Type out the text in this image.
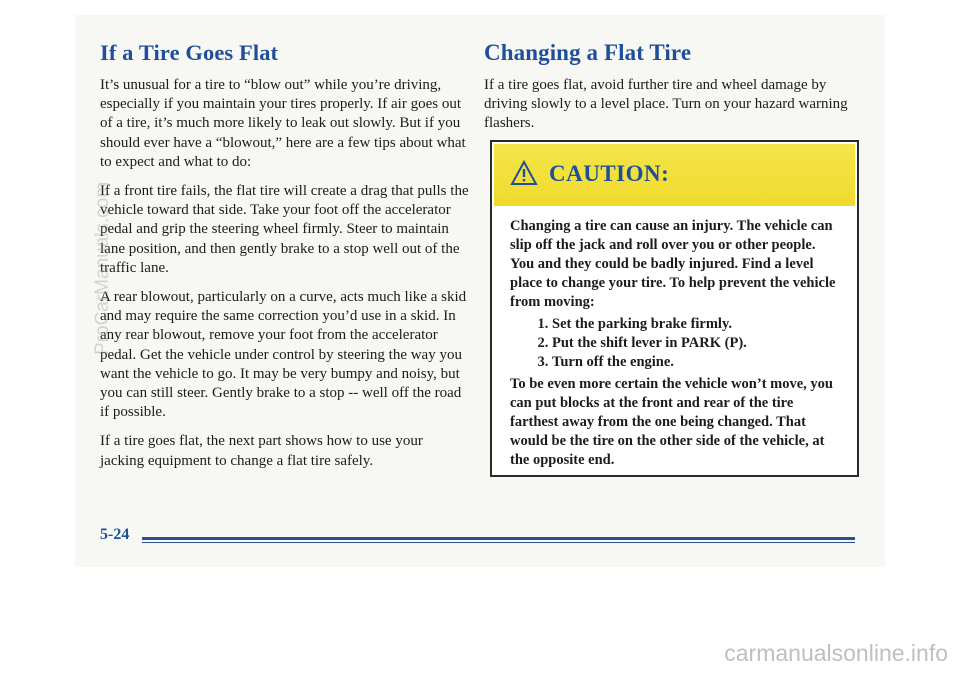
If a Tire Goes Flat

It’s unusual for a tire to “blow out” while you’re driving, especially if you maintain your tires properly. If air goes out of a tire, it’s much more likely to leak out slowly. But if you should ever have a “blowout,” here are a few tips about what to expect and what to do:

If a front tire fails, the flat tire will create a drag that pulls the vehicle toward that side. Take your foot off the accelerator pedal and grip the steering wheel firmly. Steer to maintain lane position, and then gently brake to a stop well out of the traffic lane.

A rear blowout, particularly on a curve, acts much like a skid and may require the same correction you’d use in a skid. In any rear blowout, remove your foot from the accelerator pedal. Get the vehicle under control by steering the way you want the vehicle to go. It may be very bumpy and noisy, but you can still steer. Gently brake to a stop -- well off the road if possible.

If a tire goes flat, the next part shows how to use your jacking equipment to change a flat tire safely.

Changing a Flat Tire

If a tire goes flat, avoid further tire and wheel damage by driving slowly to a level place. Turn on your hazard warning flashers.

CAUTION:

Changing a tire can cause an injury. The vehicle can slip off the jack and roll over you or other people. You and they could be badly injured. Find a level place to change your tire. To help prevent the vehicle from moving:

1. Set the parking brake firmly.
2. Put the shift lever in PARK (P).
3. Turn off the engine.

To be even more certain the vehicle won’t move, you can put blocks at the front and rear of the tire farthest away from the one being changed. That would be the tire on the other side of the vehicle, at the opposite end.

5-24
ProCarManuals.com
carmanualsonline.info
